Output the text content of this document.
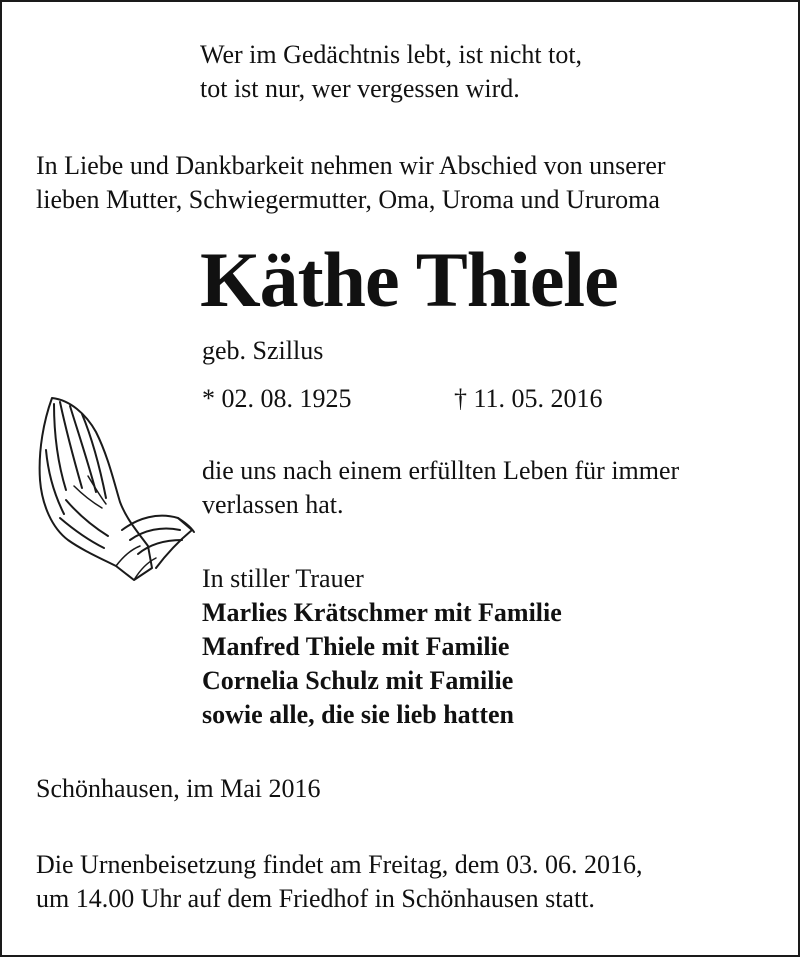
Wer im Gedächtnis lebt, ist nicht tot,
tot ist nur, wer vergessen wird.

In Liebe und Dankbarkeit nehmen wir Abschied von unserer
lieben Mutter, Schwiegermutter, Oma, Uroma und Ururoma

Käthe Thiele

geb. Szillus

* 02. 08. 1925	† 11. 05. 2016

die uns nach einem erfüllten Leben für immer
verlassen hat.

In stiller Trauer

Marlies Krätschmer mit Familie
Manfred Thiele mit Familie
Cornelia Schulz mit Familie
sowie alle, die sie lieb hatten

Schönhausen, im Mai 2016

Die Urnenbeisetzung findet am Freitag, dem 03. 06. 2016,
um 14.00 Uhr auf dem Friedhof in Schönhausen statt.
